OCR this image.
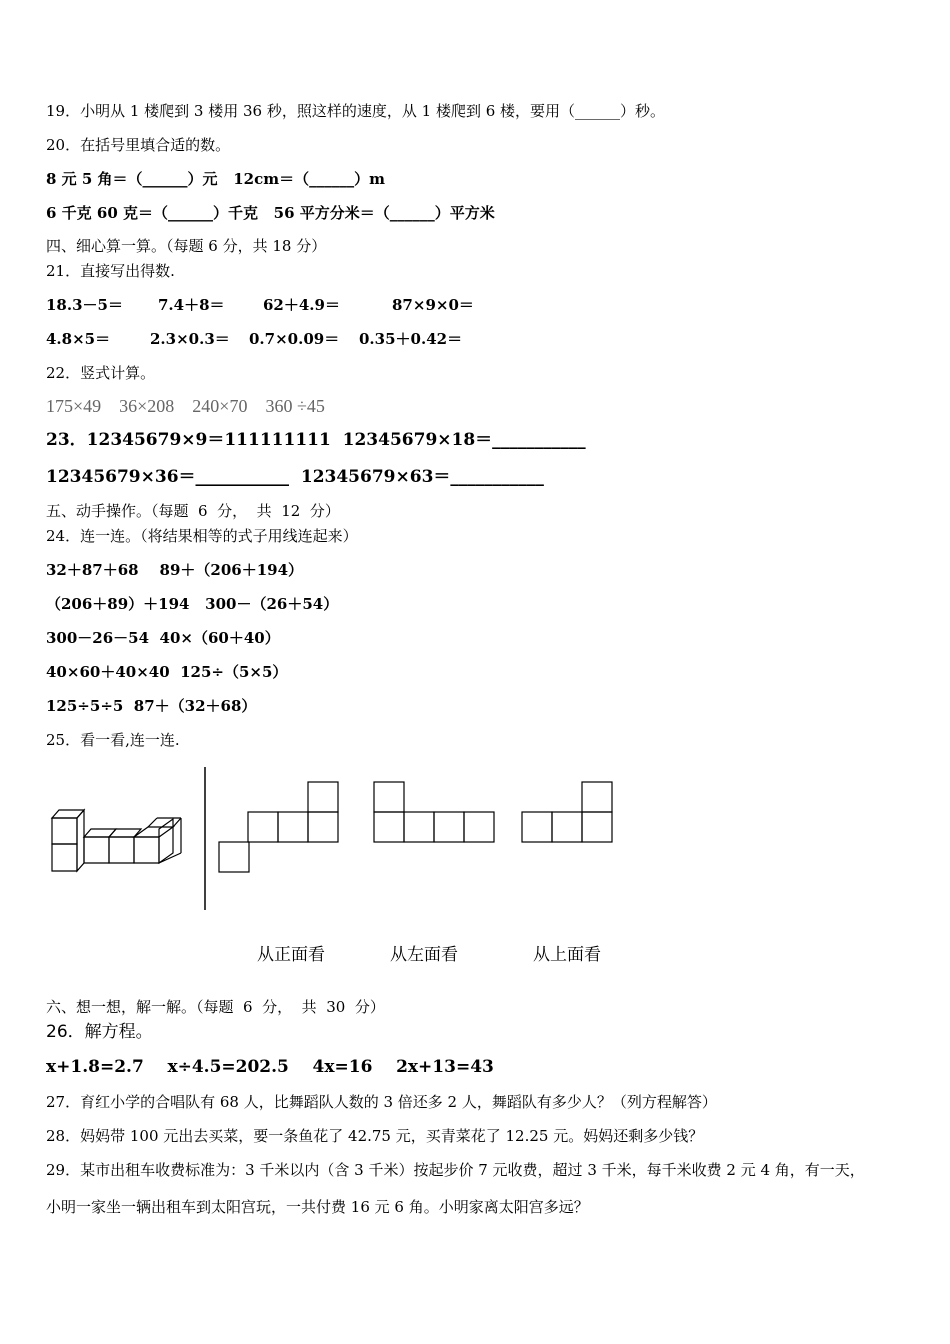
19．小明从 1 楼爬到 3 楼用 36 秒，照这样的速度，从 1 楼爬到 6 楼，要用（______）秒。
20．在括号里填合适的数。
8 元 5 角＝（______）元   12cm＝（______）m
6 千克 60 克＝（______）千克   56 平方分米＝（______）平方米
四、细心算一算。（每题 6 分，共 18 分）
21．直接写出得数.
18.3－5＝ 7.4＋8＝	62＋4.9＝	87×9×0＝
4.8×5＝	2.3×0.3＝ 0.7×0.09＝ 0.35＋0.42＝
22．竖式计算。
175×49    36×208    240×70    360 ÷45
23．12345679×9＝111111111  12345679×18＝___________
12345679×36＝___________  12345679×63＝___________
五、动手操作。（每题  6  分，  共  12  分）
24．连一连。（将结果相等的式子用线连起来）
32＋87＋68    89＋（206＋194）
（206＋89）＋194   300－（26＋54）
300－26－54  40×（60＋40）
40×60＋40×40  125÷（5×5）
125÷5÷5  87＋（32＋68）
25．看一看,连一连.
从正面看	从左面看	从上面看
六、想一想，解一解。（每题  6  分，  共  30  分）
26．解方程。
x+1.8=2.7    x÷4.5=202.5    4x=16    2x+13=43
27．育红小学的合唱队有 68 人，比舞蹈队人数的 3 倍还多 2 人，舞蹈队有多少人？（列方程解答）
28．妈妈带 100 元出去买菜，要一条鱼花了 42.75 元，买青菜花了 12.25 元。妈妈还剩多少钱？
29．某市出租车收费标准为：3 千米以内（含 3 千米）按起步价 7 元收费，超过 3 千米，每千米收费 2 元 4 角，有一天，
小明一家坐一辆出租车到太阳宫玩，一共付费 16 元 6 角。小明家离太阳宫多远？
